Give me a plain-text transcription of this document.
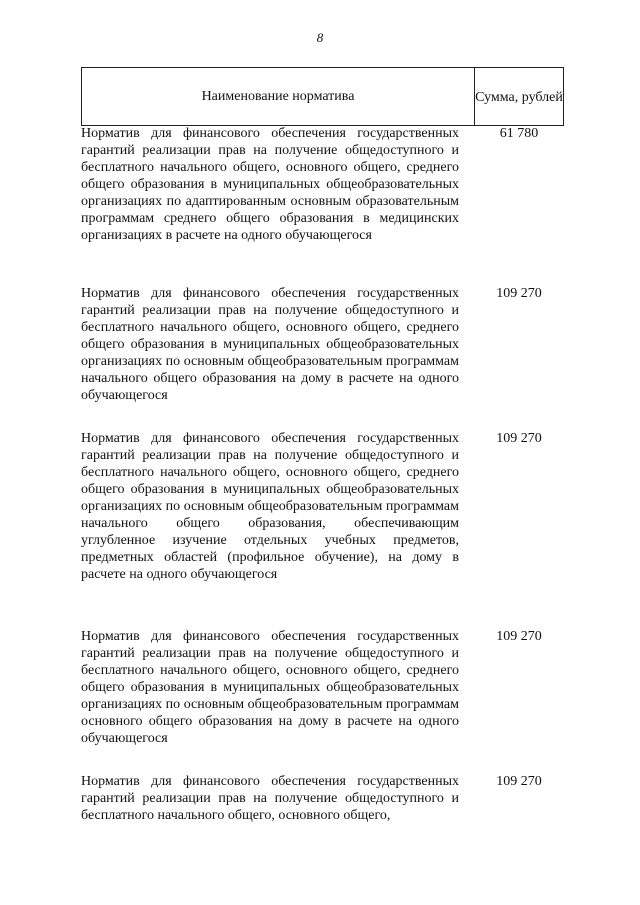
8
Наименование норматива	Сумма, рублей
Норматив для финансового обеспечения государственных гарантий реализации прав на получение общедоступного и бесплатного начального общего, основного общего, среднего общего образования в муниципальных общеобразовательных организациях по адаптированным основным образовательным программам среднего общего образования в медицинских организациях в расчете на одного обучающегося
61 780
Норматив для финансового обеспечения государственных гарантий реализации прав на получение общедоступного и бесплатного начального общего, основного общего, среднего общего образования в муниципальных общеобразовательных организациях по основным общеобразовательным программам начального общего образования на дому в расчете на одного обучающегося
109 270
Норматив для финансового обеспечения государственных гарантий реализации прав на получение общедоступного и бесплатного начального общего, основного общего, среднего общего образования в муниципальных общеобразовательных организациях по основным общеобразовательным программам начального общего образования, обеспечивающим углубленное изучение отдельных учебных предметов, предметных областей (профильное обучение), на дому в расчете на одного обучающегося
109 270
Норматив для финансового обеспечения государственных гарантий реализации прав на получение общедоступного и бесплатного начального общего, основного общего, среднего общего образования в муниципальных общеобразовательных организациях по основным общеобразовательным программам основного общего образования на дому в расчете на одного обучающегося
109 270
Норматив для финансового обеспечения государственных гарантий реализации прав на получение общедоступного и бесплатного начального общего, основного общего,
109 270
